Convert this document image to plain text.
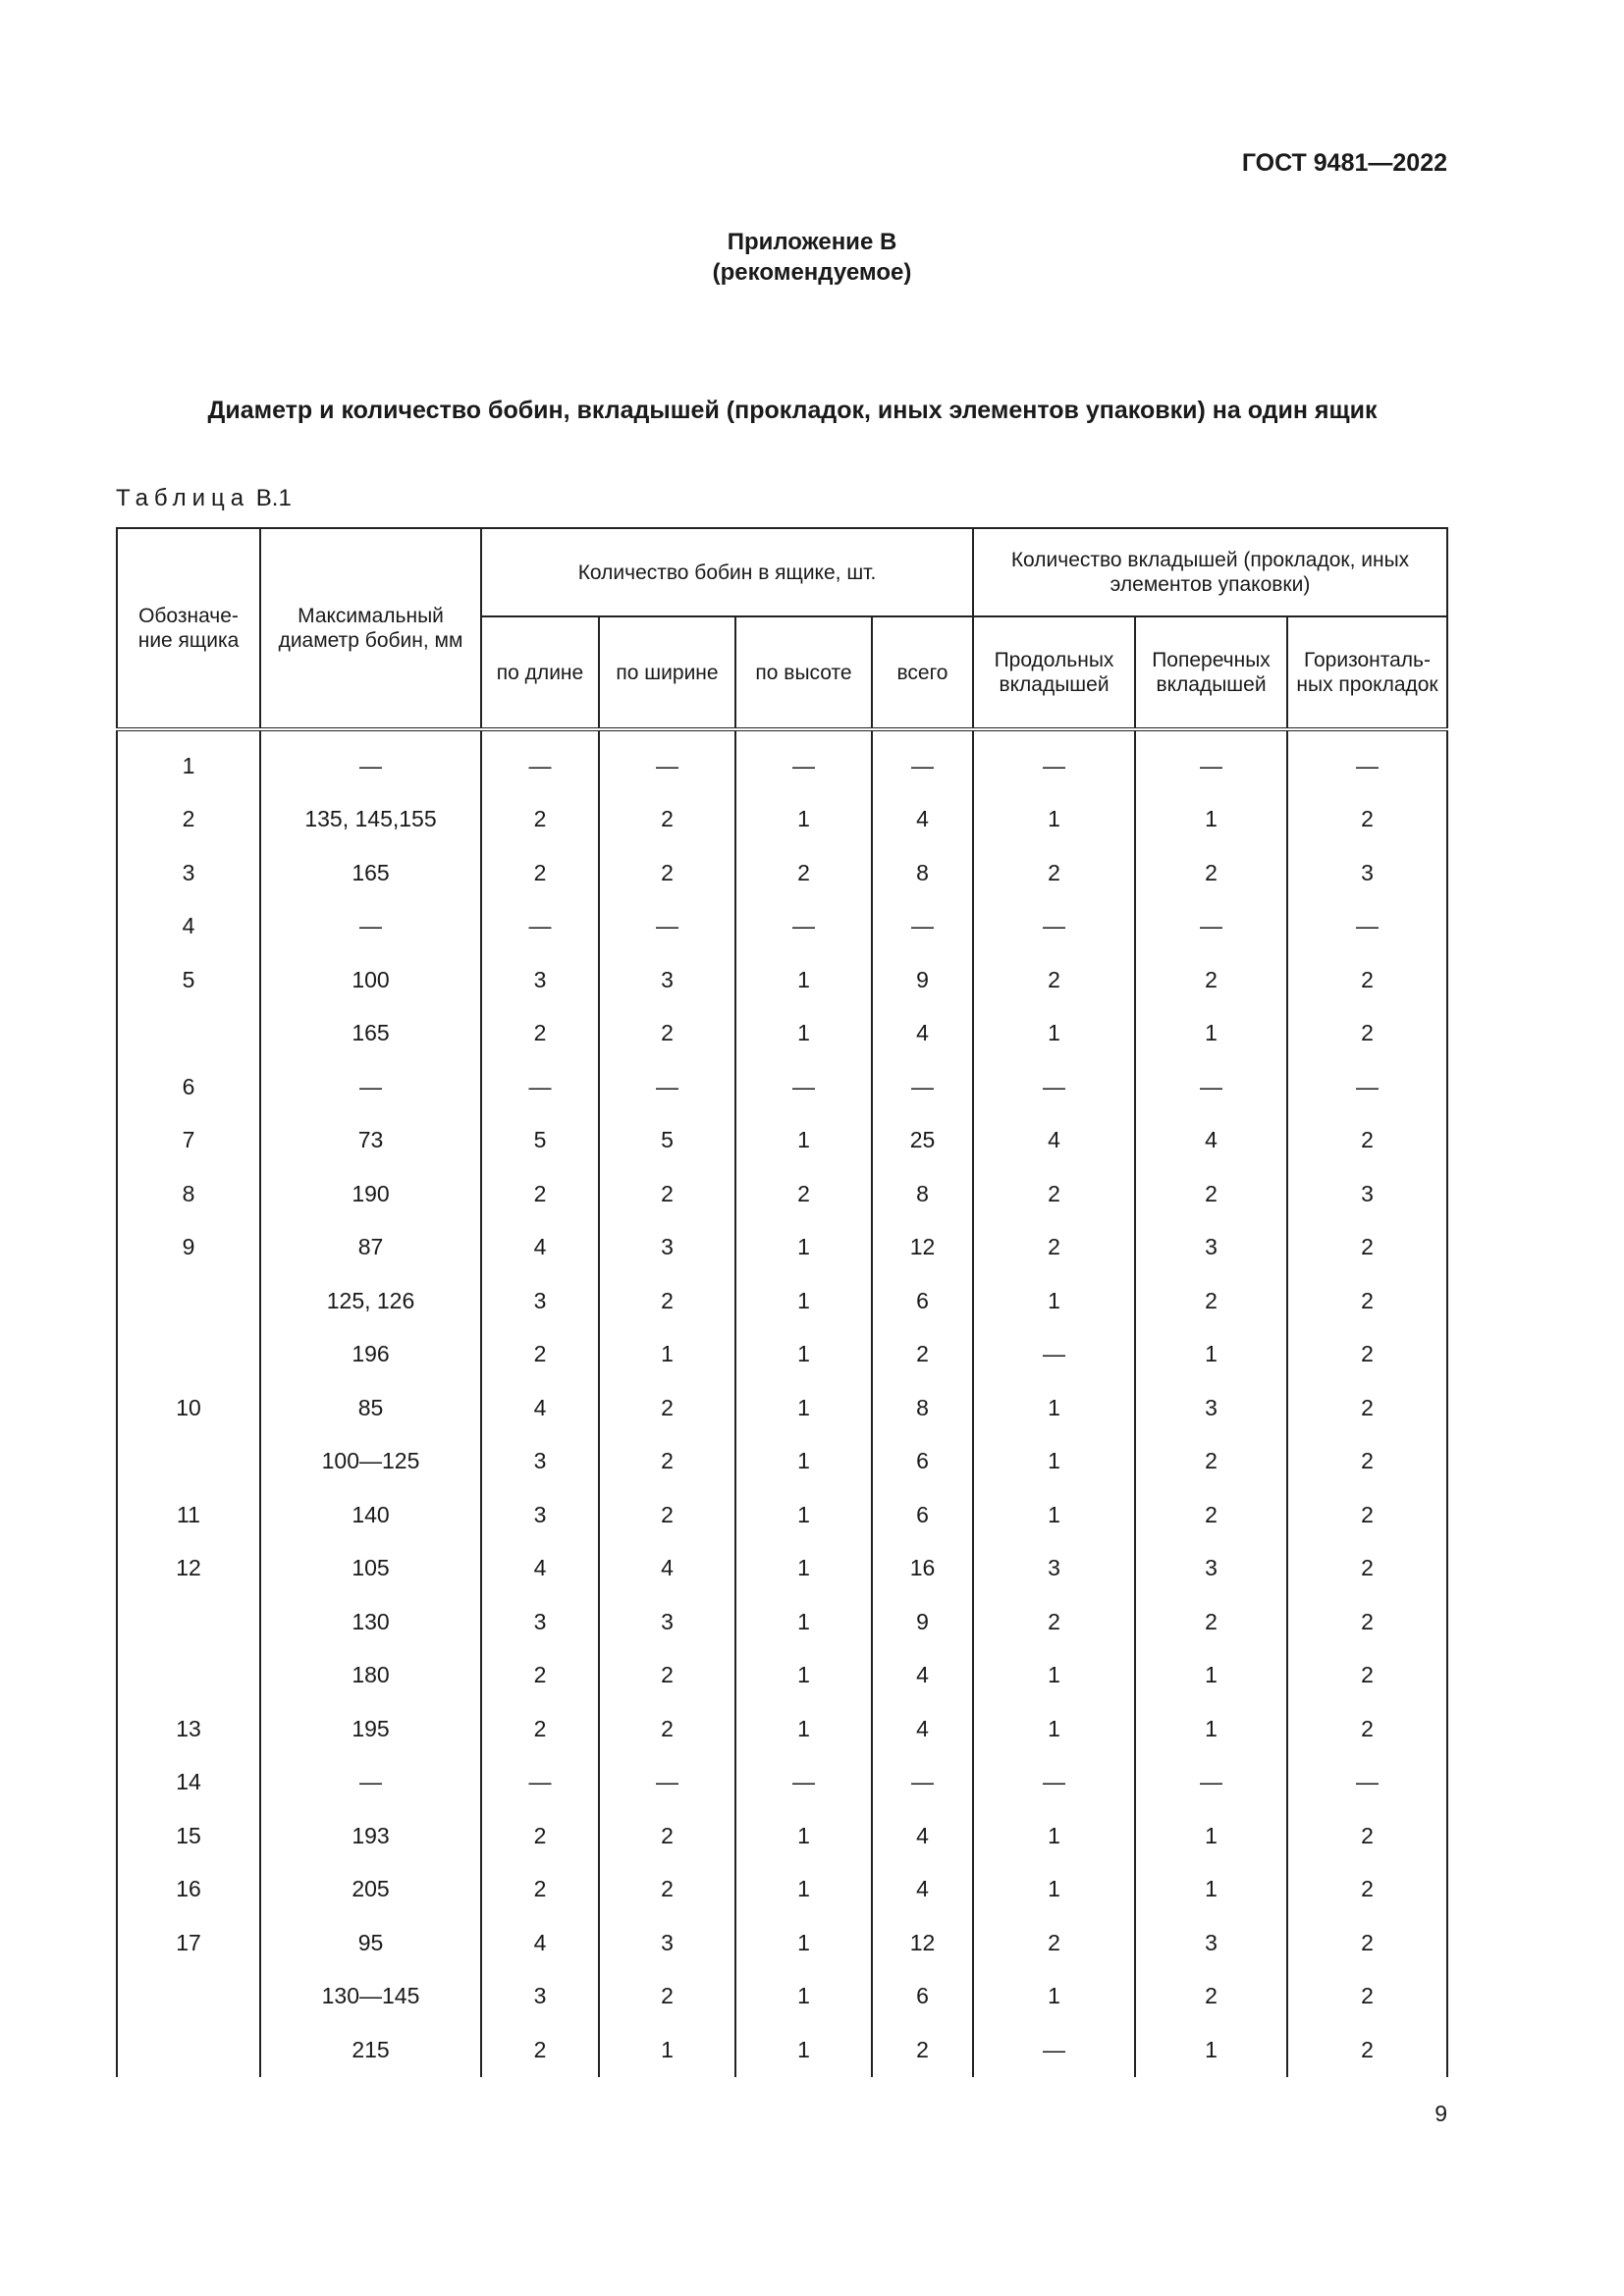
ГОСТ 9481—2022
Приложение В
(рекомендуемое)
Диаметр и количество бобин, вкладышей (прокладок, иных элементов упаковки) на один ящик
Таблица В.1
Обозначе-ние ящика	Максимальный диаметр бобин, мм	Количество бобин в ящике, шт.				Количество вкладышей (прокладок, иных элементов упаковки)		
		по длине	по ширине	по высоте	всего	Продольных вкладышей	Поперечных вкладышей	Горизонталь-ных прокладок
1	—	—	—	—	—	—	—	—
2	135, 145,155	2	2	1	4	1	1	2
3	165	2	2	2	8	2	2	3
4	—	—	—	—	—	—	—	—
5	100	3	3	1	9	2	2	2
	165	2	2	1	4	1	1	2
6	—	—	—	—	—	—	—	—
7	73	5	5	1	25	4	4	2
8	190	2	2	2	8	2	2	3
9	87	4	3	1	12	2	3	2
	125, 126	3	2	1	6	1	2	2
	196	2	1	1	2	—	1	2
10	85	4	2	1	8	1	3	2
	100—125	3	2	1	6	1	2	2
11	140	3	2	1	6	1	2	2
12	105	4	4	1	16	3	3	2
	130	3	3	1	9	2	2	2
	180	2	2	1	4	1	1	2
13	195	2	2	1	4	1	1	2
14	—	—	—	—	—	—	—	—
15	193	2	2	1	4	1	1	2
16	205	2	2	1	4	1	1	2
17	95	4	3	1	12	2	3	2
	130—145	3	2	1	6	1	2	2
	215	2	1	1	2	—	1	2
9
